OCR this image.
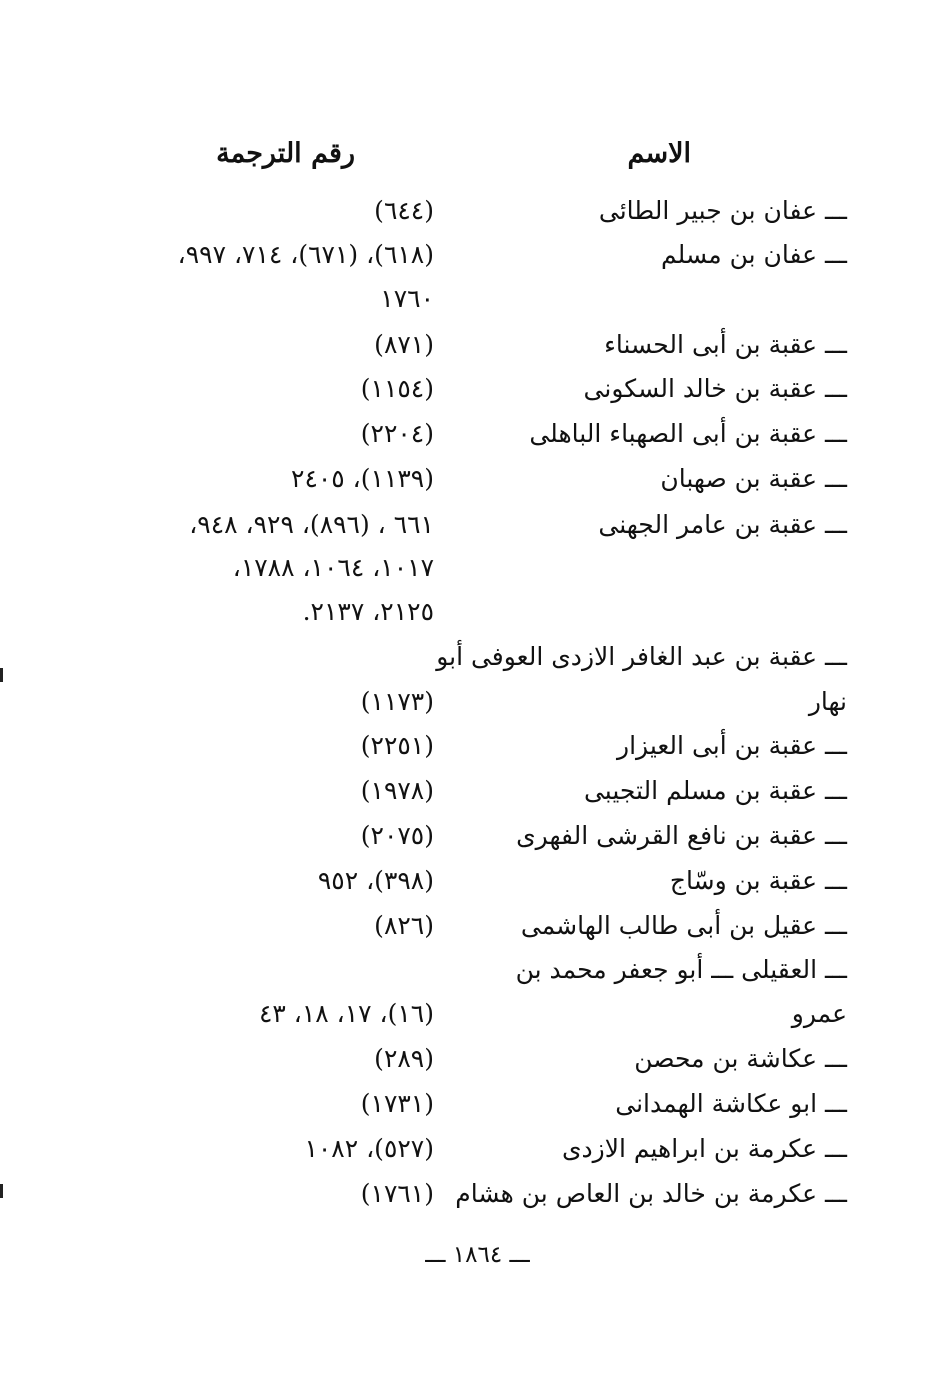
الاسم
رقم الترجمة
ـــ عفان بن جبير الطائى
(٦٤٤)
ـــ عفان بن مسلم
(٦١٨)، (٦٧١)، ٧١٤، ٩٩٧،
١٧٦٠
ـــ عقبة بن أبى الحسناء
(٨٧١)
ـــ عقبة بن خالد السكونى
(١١٥٤)
ـــ عقبة بن أبى الصهباء الباهلى
(٢٢٠٤)
ـــ عقبة بن صهبان
(١١٣٩)، ٢٤٠٥
ـــ عقبة بن عامر الجهنى
٦٦١ ، (٨٩٦)، ٩٢٩، ٩٤٨،
١٠١٧، ١٠٦٤، ١٧٨٨،
٢١٢٥، ٢١٣٧.
ـــ عقبة بن عبد الغافر الازدى العوفى أبو
نهار
(١١٧٣)
ـــ عقبة بن أبى العيزار
(٢٢٥١)
ـــ عقبة بن مسلم التجيبى
(١٩٧٨)
ـــ عقبة بن نافع القرشى الفهرى
(٢٠٧٥)
ـــ عقبة بن وسّاج
(٣٩٨)، ٩٥٢
ـــ عقيل بن أبى طالب الهاشمى
(٨٢٦)
ـــ العقيلى ـــ أبو جعفر محمد بن
عمرو
(١٦)، ١٧، ١٨، ٤٣
ـــ عكاشة بن محصن
(٢٨٩)
ـــ ابو عكاشة الهمدانى
(١٧٣١)
ـــ عكرمة بن ابراهيم الازدى
(٥٢٧)، ١٠٨٢
ـــ عكرمة بن خالد بن العاص بن هشام
(١٧٦١)
ـــ ١٨٦٤ ـــ
